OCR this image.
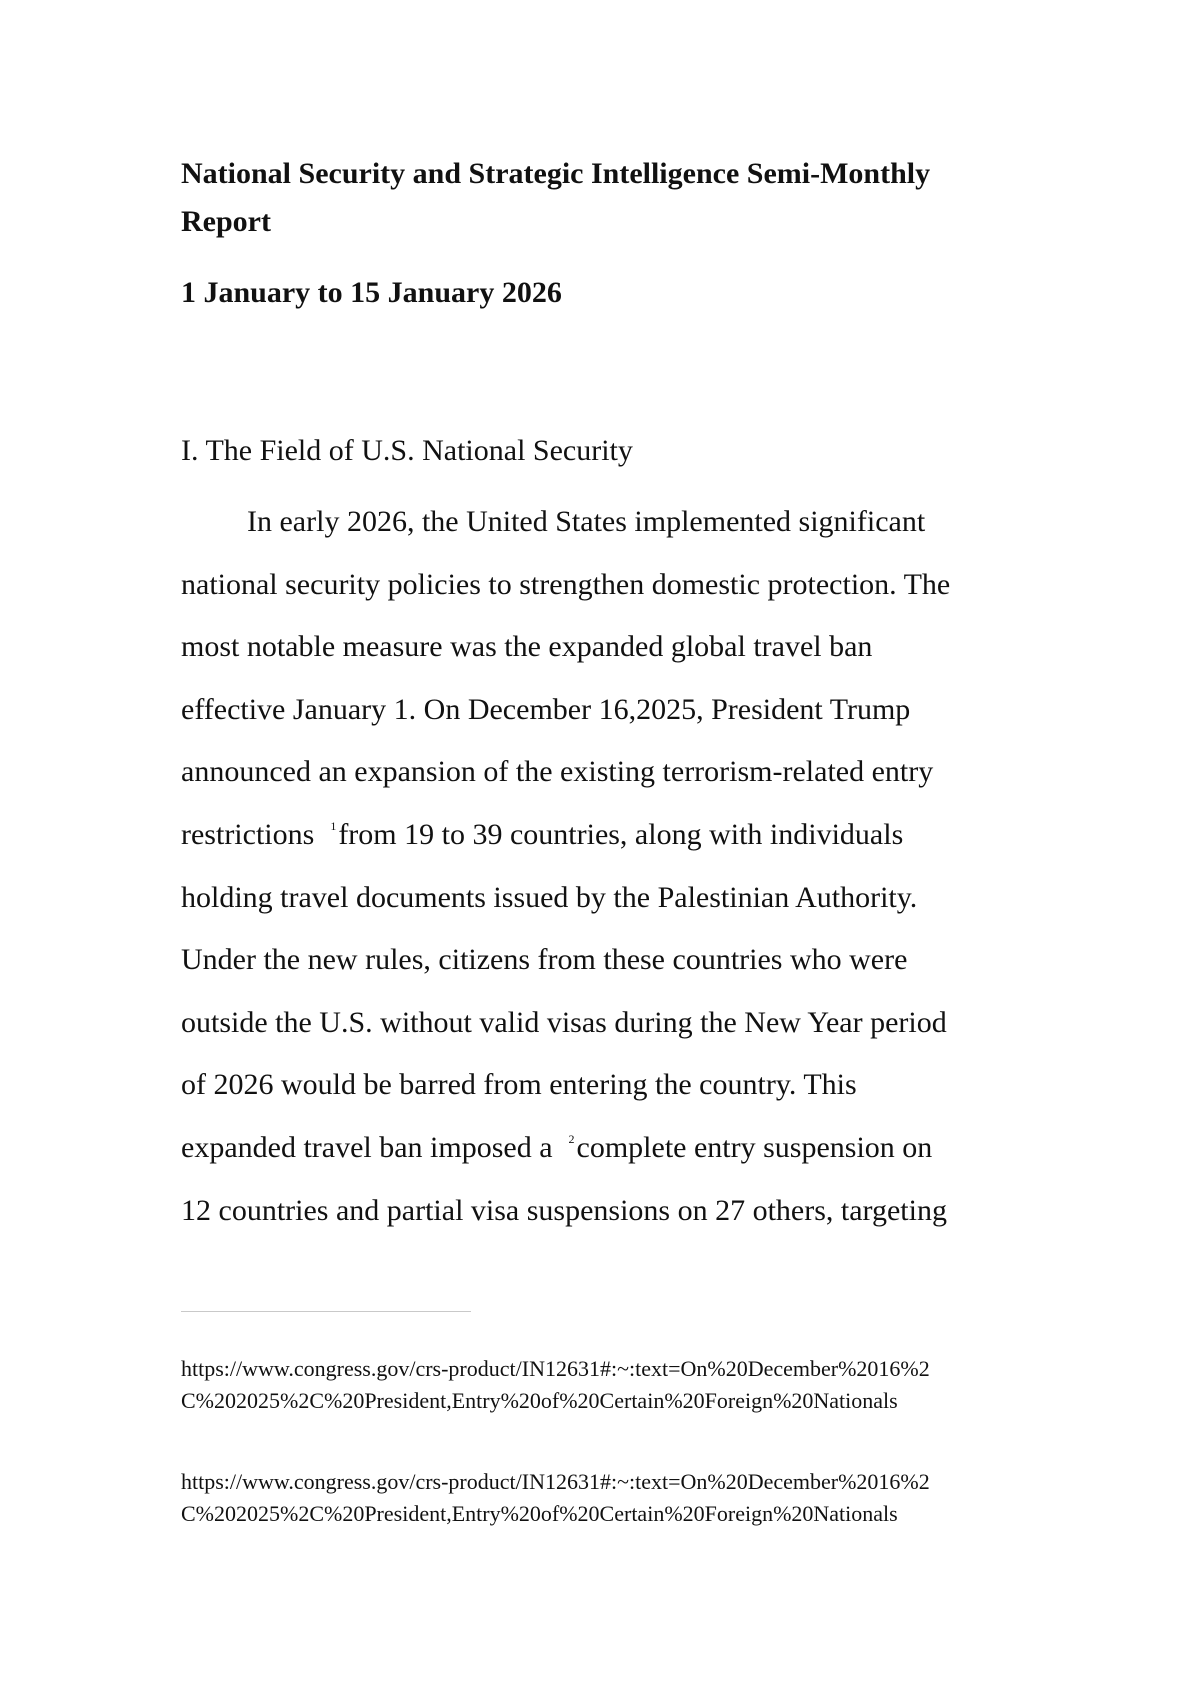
National Security and Strategic Intelligence Semi-Monthly
Report

1 January to 15 January 2026

I. The Field of U.S. National Security

In early 2026, the United States implemented significant
national security policies to strengthen domestic protection. The
most notable measure was the expanded global travel ban
effective January 1. On December 16,2025, President Trump
announced an expansion of the existing terrorism-related entry
restrictions $^1$from 19 to 39 countries, along with individuals
holding travel documents issued by the Palestinian Authority.
Under the new rules, citizens from these countries who were
outside the U.S. without valid visas during the New Year period
of 2026 would be barred from entering the country. This
expanded travel ban imposed a $^2$complete entry suspension on
12 countries and partial visa suspensions on 27 others, targeting

https://www.congress.gov/crs-product/IN12631#:~:text=On%20December%2016%2
C%202025%2C%20President,Entry%20of%20Certain%20Foreign%20Nationals

https://www.congress.gov/crs-product/IN12631#:~:text=On%20December%2016%2
C%202025%2C%20President,Entry%20of%20Certain%20Foreign%20Nationals
